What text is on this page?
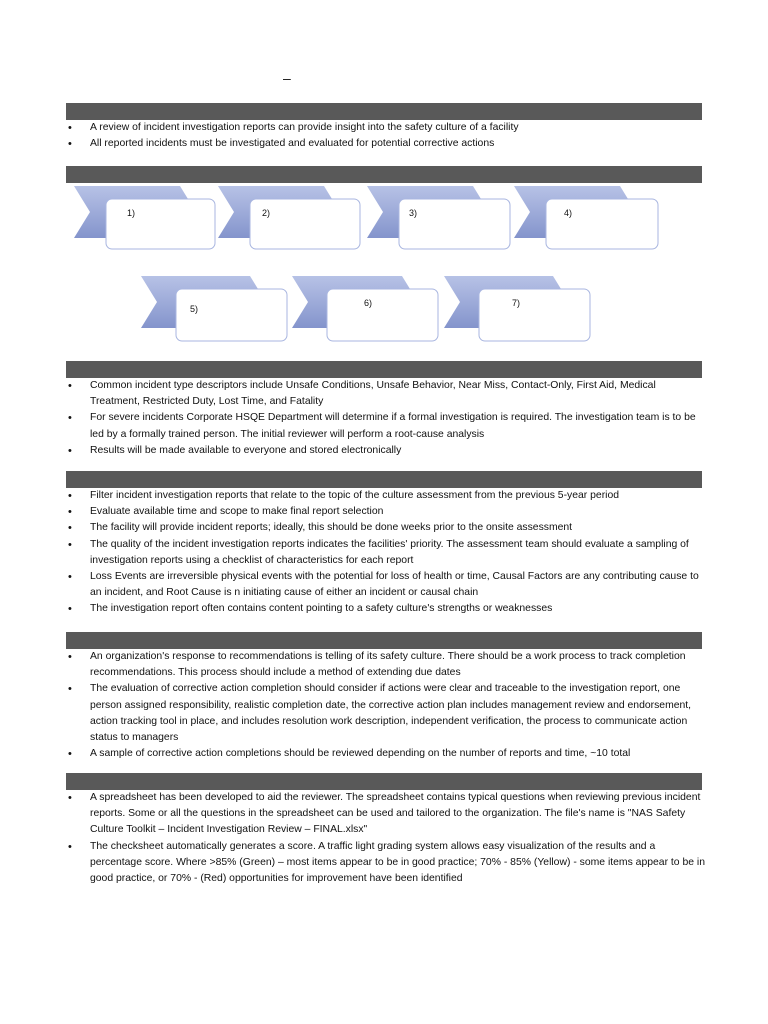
–
• A review of incident investigation reports can provide insight into the safety culture of a facility
• All reported incidents must be investigated and evaluated for potential corrective actions
1)	2)	3)	4)
5)
6)	7)
• Common incident type descriptors include Unsafe Conditions, Unsafe Behavior, Near Miss, Contact-Only, First Aid, Medical Treatment, Restricted Duty, Lost Time, and Fatality
• For severe incidents Corporate HSQE Department will determine if a formal investigation is required. The investigation team is to be led by a formally trained person. The initial reviewer will perform a root-cause analysis
• Results will be made available to everyone and stored electronically
• Filter incident investigation reports that relate to the topic of the culture assessment from the previous 5-year period
• Evaluate available time and scope to make final report selection
• The facility will provide incident reports; ideally, this should be done weeks prior to the onsite assessment
• The quality of the incident investigation reports indicates the facilities' priority. The assessment team should evaluate a sampling of investigation reports using a checklist of characteristics for each report
• Loss Events are irreversible physical events with the potential for loss of health or time, Causal Factors are any contributing cause to an incident, and Root Cause is n initiating cause of either an incident or causal chain
• The investigation report often contains content pointing to a safety culture's strengths or weaknesses
• An organization's response to recommendations is telling of its safety culture. There should be a work process to track completion recommendations. This process should include a method of extending due dates
• The evaluation of corrective action completion should consider if actions were clear and traceable to the investigation report, one person assigned responsibility, realistic completion date, the corrective action plan includes management review and endorsement, action tracking tool in place, and includes resolution work description, independent verification, the process to communicate action status to managers
• A sample of corrective action completions should be reviewed depending on the number of reports and time, ~10 total
• A spreadsheet has been developed to aid the reviewer. The spreadsheet contains typical questions when reviewing previous incident reports. Some or all the questions in the spreadsheet can be used and tailored to the organization. The file's name is "NAS Safety Culture Toolkit – Incident Investigation Review – FINAL.xlsx"
• The checksheet automatically generates a score. A traffic light grading system allows easy visualization of the results and a percentage score. Where >85% (Green) – most items appear to be in good practice; 70% - 85% (Yellow) - some items appear to be in good practice, or 70% - (Red) opportunities for improvement have been identified
